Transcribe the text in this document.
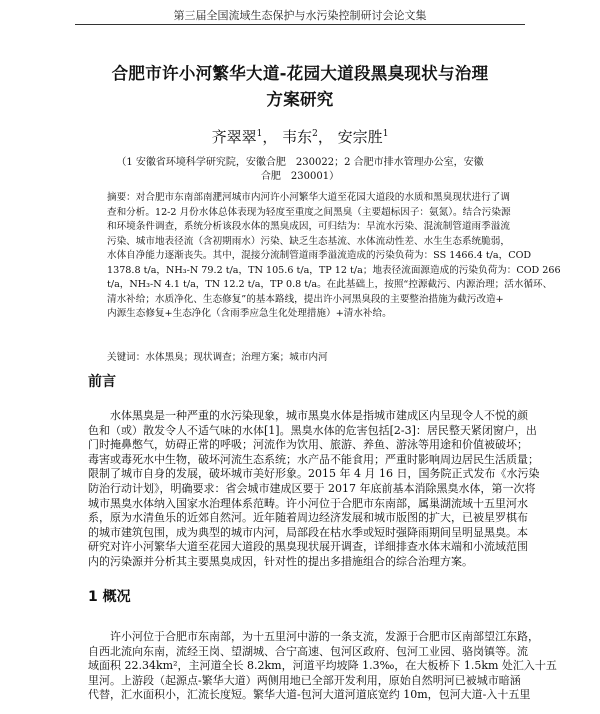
第三届全国流域生态保护与水污染控制研讨会论文集
合肥市许小河繁华大道-花园大道段黑臭现状与治理
方案研究
齐翠翠$^1$， 韦东$^2$， 安宗胜$^1$
（1 安徽省环境科学研究院，安徽合肥　230022；2 合肥市排水管理办公室，安徽
合肥　230001）
摘要：对合肥市东南部南淝河城市内河许小河繁华大道至花园大道段的水质和黑臭现状进行了调
查和分析。12-2 月份水体总体表现为轻度至重度之间黑臭（主要超标因子：氨氮）。结合污染源
和环境条件调查，系统分析该段水体的黑臭成因，可归结为：旱流水污染、混流制管道雨季溢流
污染、城市地表径流（含初期雨水）污染、缺乏生态基流、水体流动性差、水生生态系统脆弱，
水体自净能力逐渐丧失。其中，混接分流制管道雨季溢流造成的污染负荷为：SS 1466.4 t/a，COD
1378.8 t/a，NH₃-N 79.2 t/a，TN 105.6 t/a，TP 12 t/a；地表径流面源造成的污染负荷为：COD 266
t/a，NH₃-N 4.1 t/a，TN 12.2 t/a，TP 0.8 t/a。在此基础上，按照“控源截污、内源治理；活水循环、
清水补给；水质净化、生态修复”的基本路线，提出许小河黑臭段的主要整治措施为截污改造+
内源生态修复+生态净化（含雨季应急生化处理措施）+清水补给。
关键词：水体黑臭；现状调查；治理方案；城市内河
前言
水体黑臭是一种严重的水污染现象，城市黑臭水体是指城市建成区内呈现令人不悦的颜
色和（或）散发令人不适气味的水体[1]。黑臭水体的危害包括[2-3]：居民整天紧闭窗户，出
门时掩鼻憋气，妨碍正常的呼吸；河流作为饮用、旅游、养鱼、游泳等用途和价值被破坏；
毒害或毒死水中生物，破坏河流生态系统；水产品不能食用；严重时影响周边居民生活质量；
限制了城市自身的发展，破坏城市美好形象。2015 年 4 月 16 日，国务院正式发布《水污染
防治行动计划》，明确要求：省会城市建成区要于 2017 年底前基本消除黑臭水体，第一次将
城市黑臭水体纳入国家水治理体系范畴。许小河位于合肥市东南部，属巢湖流域十五里河水
系，原为水清鱼乐的近郊自然河。近年随着周边经济发展和城市版图的扩大，已被星罗棋布
的城市建筑包围，成为典型的城市内河，局部段在枯水季或短时强降雨期间呈明显黑臭。本
研究对许小河繁华大道至花园大道段的黑臭现状展开调查，详细排查水体末端和小流域范围
内的污染源并分析其主要黑臭成因，针对性的提出多措施组合的综合治理方案。
1 概况
许小河位于合肥市东南部，为十五里河中游的一条支流，发源于合肥市区南部望江东路，
自西北流向东南，流经王岗、望湖城、合宁高速、包河区政府、包河工业园、骆岗镇等。流
域面积 22.34km²，主河道全长 8.2km，河道平均坡降 1.3‰，在大板桥下 1.5km 处汇入十五
里河。上游段（起源点-繁华大道）两侧用地已全部开发利用，原始自然明河已被城市暗涵
代替，汇水面积小，汇流长度短。繁华大道-包河大道河道底宽约 10m，包河大道-入十五里
